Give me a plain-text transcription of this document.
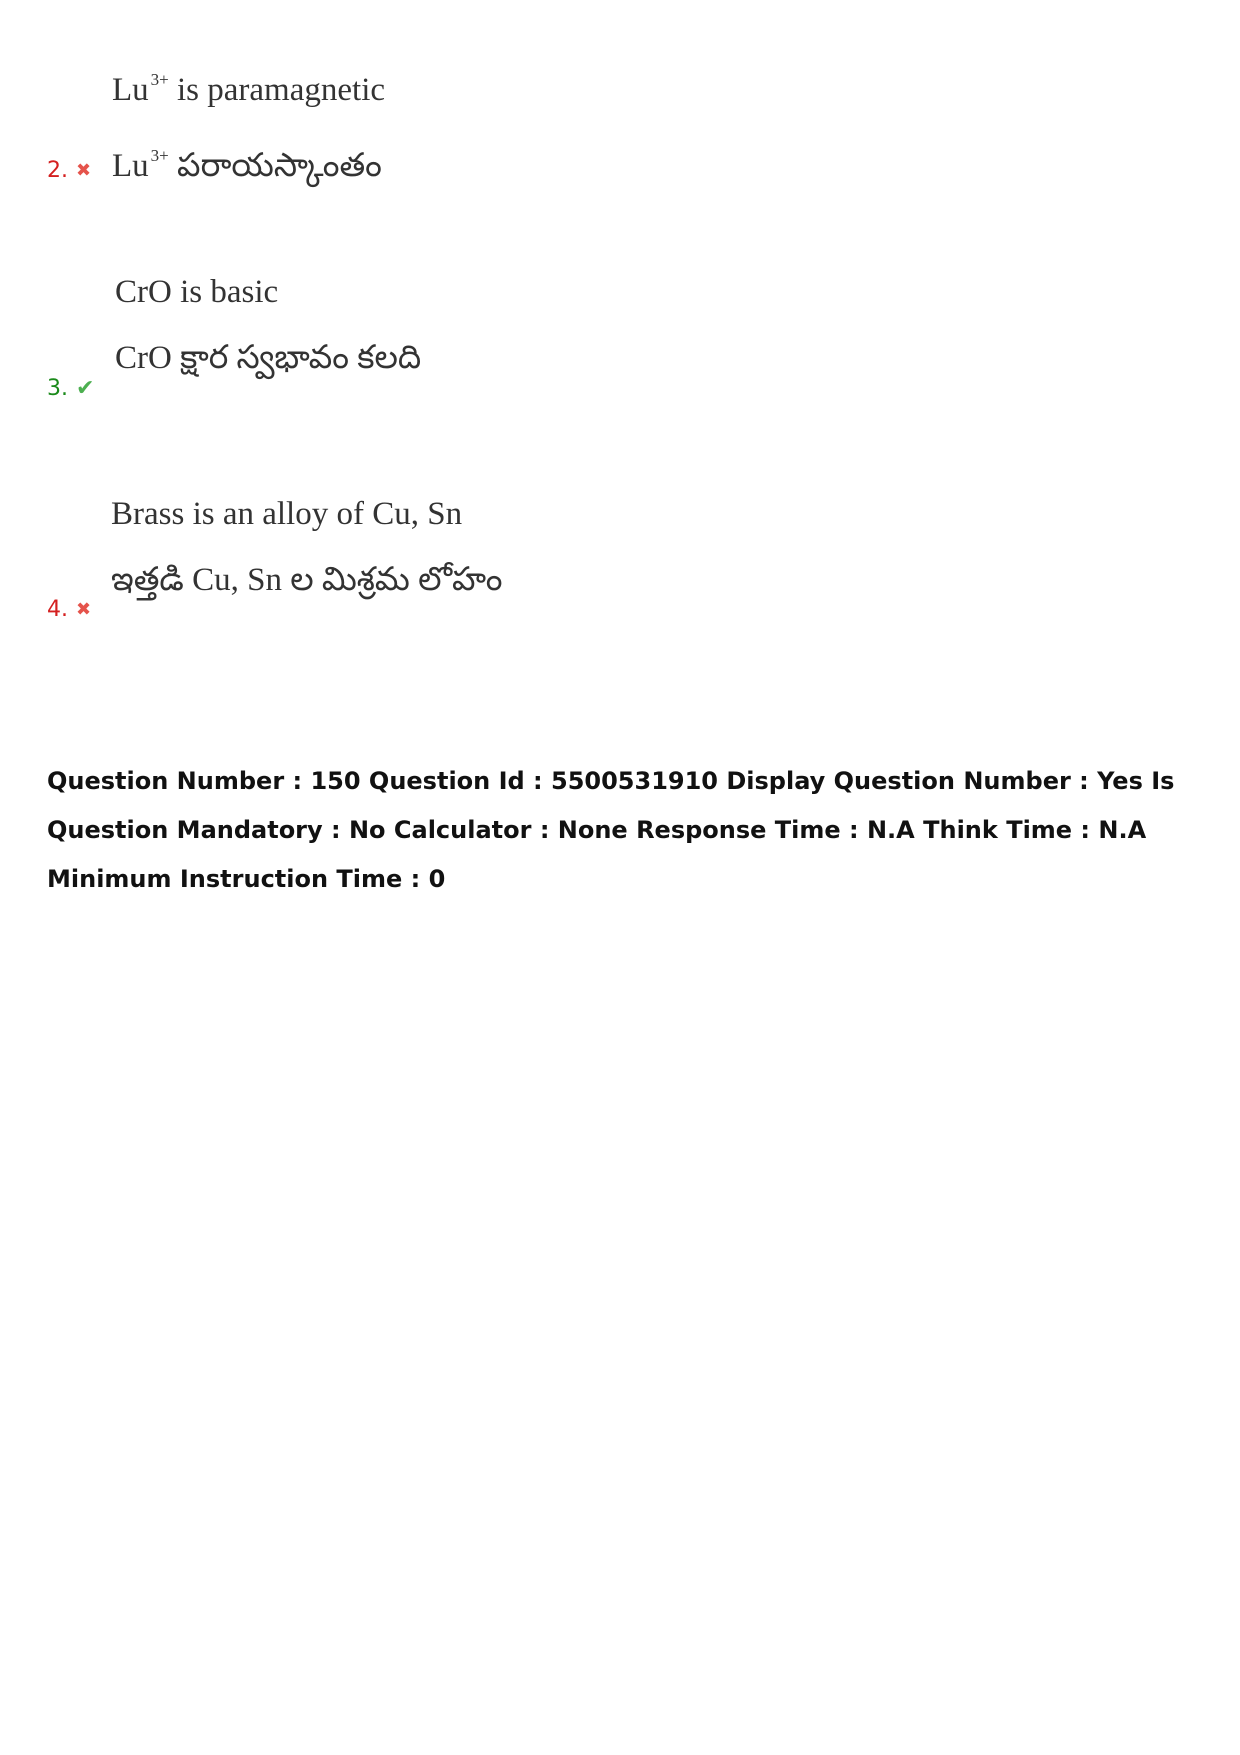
Lu $^{3+}$ is paramagnetic
Lu $^{3+}$ పరాయస్కాంతం
2. ✖
CrO is basic
CrO క్షార స్వభావం కలది
3. ✔
Brass is an alloy of Cu, Sn
ఇత్తడి Cu, Sn ల మిశ్రమ లోహం
4. ✖
Question Number : 150 Question Id : 5500531910 Display Question Number : Yes Is Question Mandatory : No Calculator : None Response Time : N.A Think Time : N.A Minimum Instruction Time : 0
